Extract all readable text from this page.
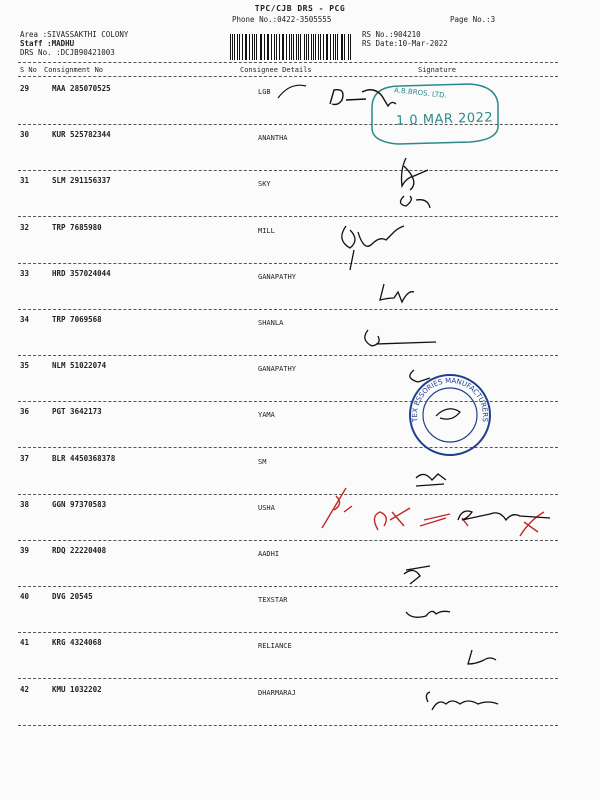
TPC/CJB DRS - PCG
Phone No.:0422-3505555	Page No.:3
Area :SIVASSAKTHI COLONY
Staff :MADHU
DRS No. :DCJB90421003
RS No.:904210
RS Date:10-Mar-2022
S No Consignment No	Consignee Details	Signature
29	MAA 285070525	LGB
30	KUR 525782344	ANANTHA
31	SLM 291156337	SKY
32	TRP 7685980	MILL
33	HRD 357024044	GANAPATHY
34	TRP 7069568	SHANLA
35	NLM 51022074	GANAPATHY
36	PGT 3642173	YAMA
37	BLR 4450368378	SM
38	GGN 97370583	USHA
39	RDQ 22220408	AADHI
40	DVG 20545	TEXSTAR
41	KRG 4324068	RELIANCE
42	KMU 1032202	DHARMARAJ
TEX ESSORIES MANUFACTURERS
A.B.BROS. LTD.
1 0 MAR 2022
